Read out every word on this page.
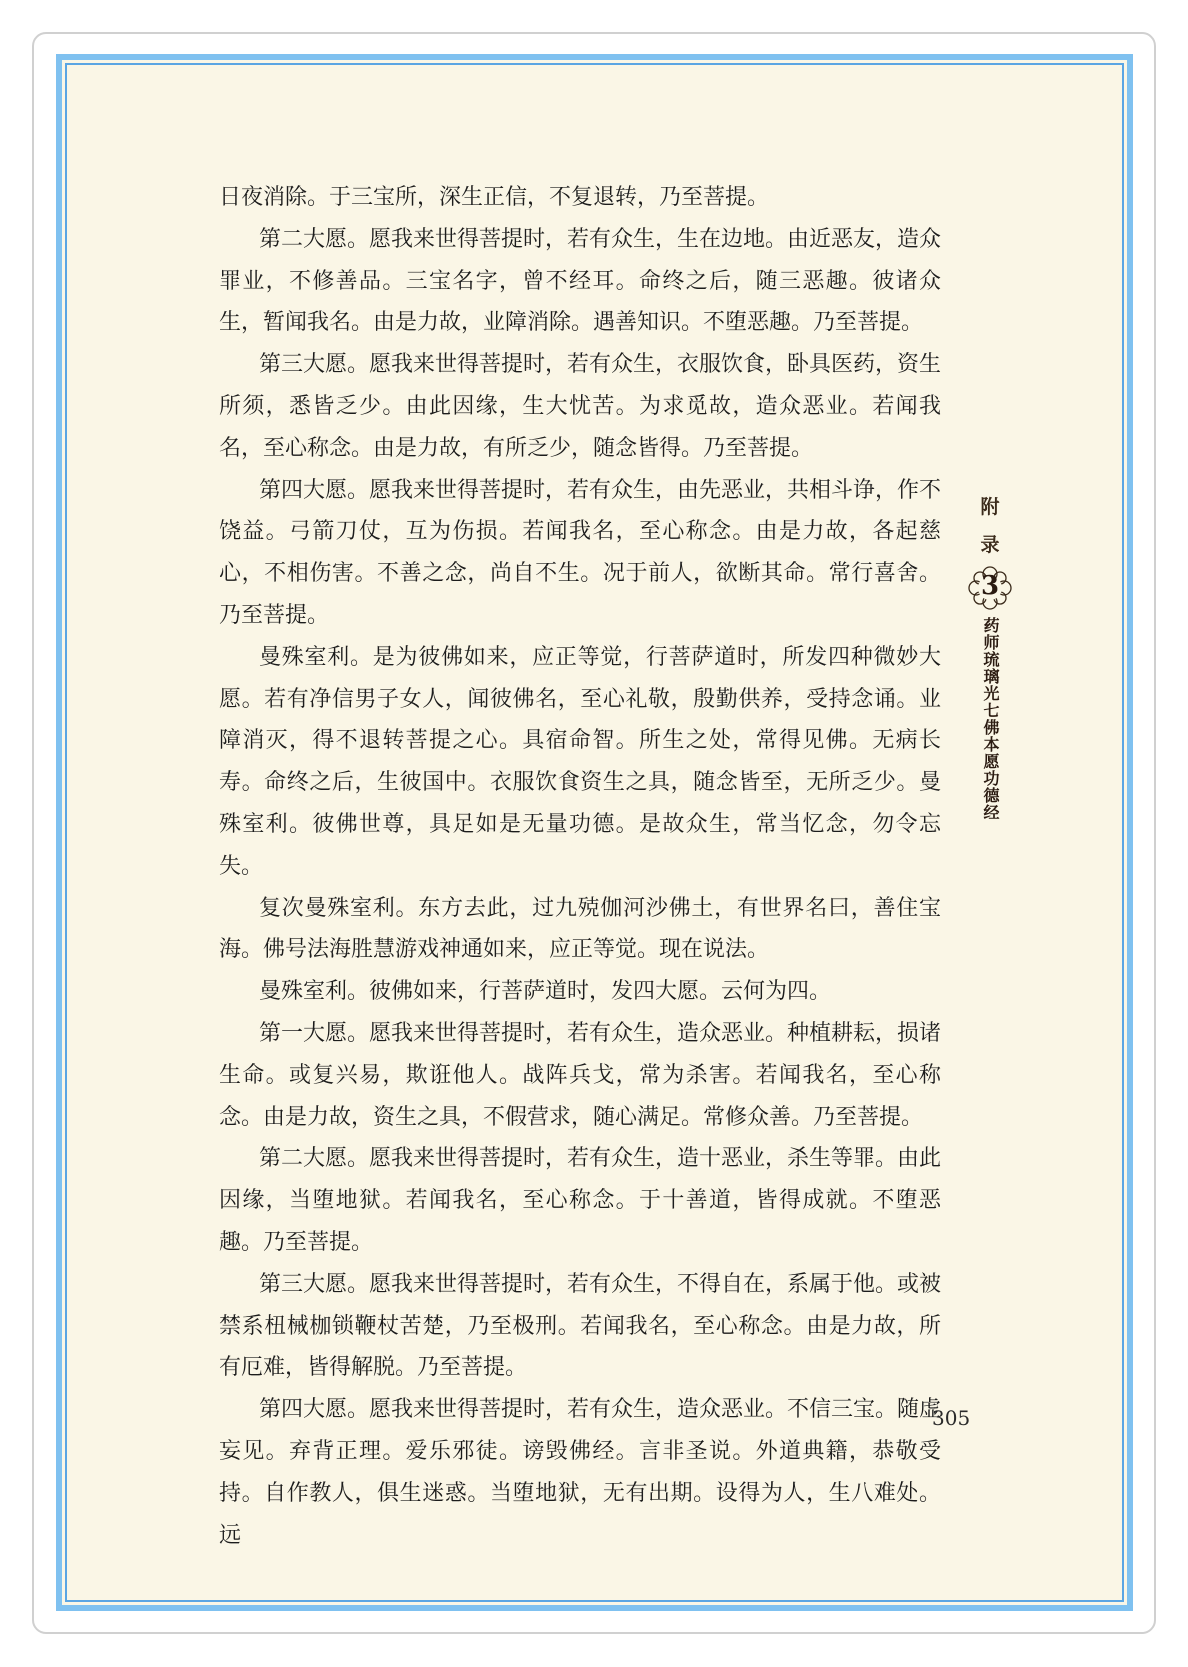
日夜消除。于三宝所，深生正信，不复退转，乃至菩提。

第二大愿。愿我来世得菩提时，若有众生，生在边地。由近恶友，造众罪业，不修善品。三宝名字，曾不经耳。命终之后，随三恶趣。彼诸众生，暂闻我名。由是力故，业障消除。遇善知识。不堕恶趣。乃至菩提。

第三大愿。愿我来世得菩提时，若有众生，衣服饮食，卧具医药，资生所须，悉皆乏少。由此因缘，生大忧苦。为求觅故，造众恶业。若闻我名，至心称念。由是力故，有所乏少，随念皆得。乃至菩提。

第四大愿。愿我来世得菩提时，若有众生，由先恶业，共相斗诤，作不饶益。弓箭刀仗，互为伤损。若闻我名，至心称念。由是力故，各起慈心，不相伤害。不善之念，尚自不生。况于前人，欲断其命。常行喜舍。乃至菩提。

曼殊室利。是为彼佛如来，应正等觉，行菩萨道时，所发四种微妙大愿。若有净信男子女人，闻彼佛名，至心礼敬，殷勤供养，受持念诵。业障消灭，得不退转菩提之心。具宿命智。所生之处，常得见佛。无病长寿。命终之后，生彼国中。衣服饮食资生之具，随念皆至，无所乏少。曼殊室利。彼佛世尊，具足如是无量功德。是故众生，常当忆念，勿令忘失。

复次曼殊室利。东方去此，过九殑伽河沙佛土，有世界名曰，善住宝海。佛号法海胜慧游戏神通如来，应正等觉。现在说法。

曼殊室利。彼佛如来，行菩萨道时，发四大愿。云何为四。

第一大愿。愿我来世得菩提时，若有众生，造众恶业。种植耕耘，损诸生命。或复兴易，欺诳他人。战阵兵戈，常为杀害。若闻我名，至心称念。由是力故，资生之具，不假营求，随心满足。常修众善。乃至菩提。

第二大愿。愿我来世得菩提时，若有众生，造十恶业，杀生等罪。由此因缘，当堕地狱。若闻我名，至心称念。于十善道，皆得成就。不堕恶趣。乃至菩提。

第三大愿。愿我来世得菩提时，若有众生，不得自在，系属于他。或被禁系杻械枷锁鞭杖苦楚，乃至极刑。若闻我名，至心称念。由是力故，所有厄难，皆得解脱。乃至菩提。

第四大愿。愿我来世得菩提时，若有众生，造众恶业。不信三宝。随虚妄见。弃背正理。爱乐邪徒。谤毁佛经。言非圣说。外道典籍，恭敬受持。自作教人，俱生迷惑。当堕地狱，无有出期。设得为人，生八难处。远

附
录
3
药师琉璃光七佛本愿功德经
305
